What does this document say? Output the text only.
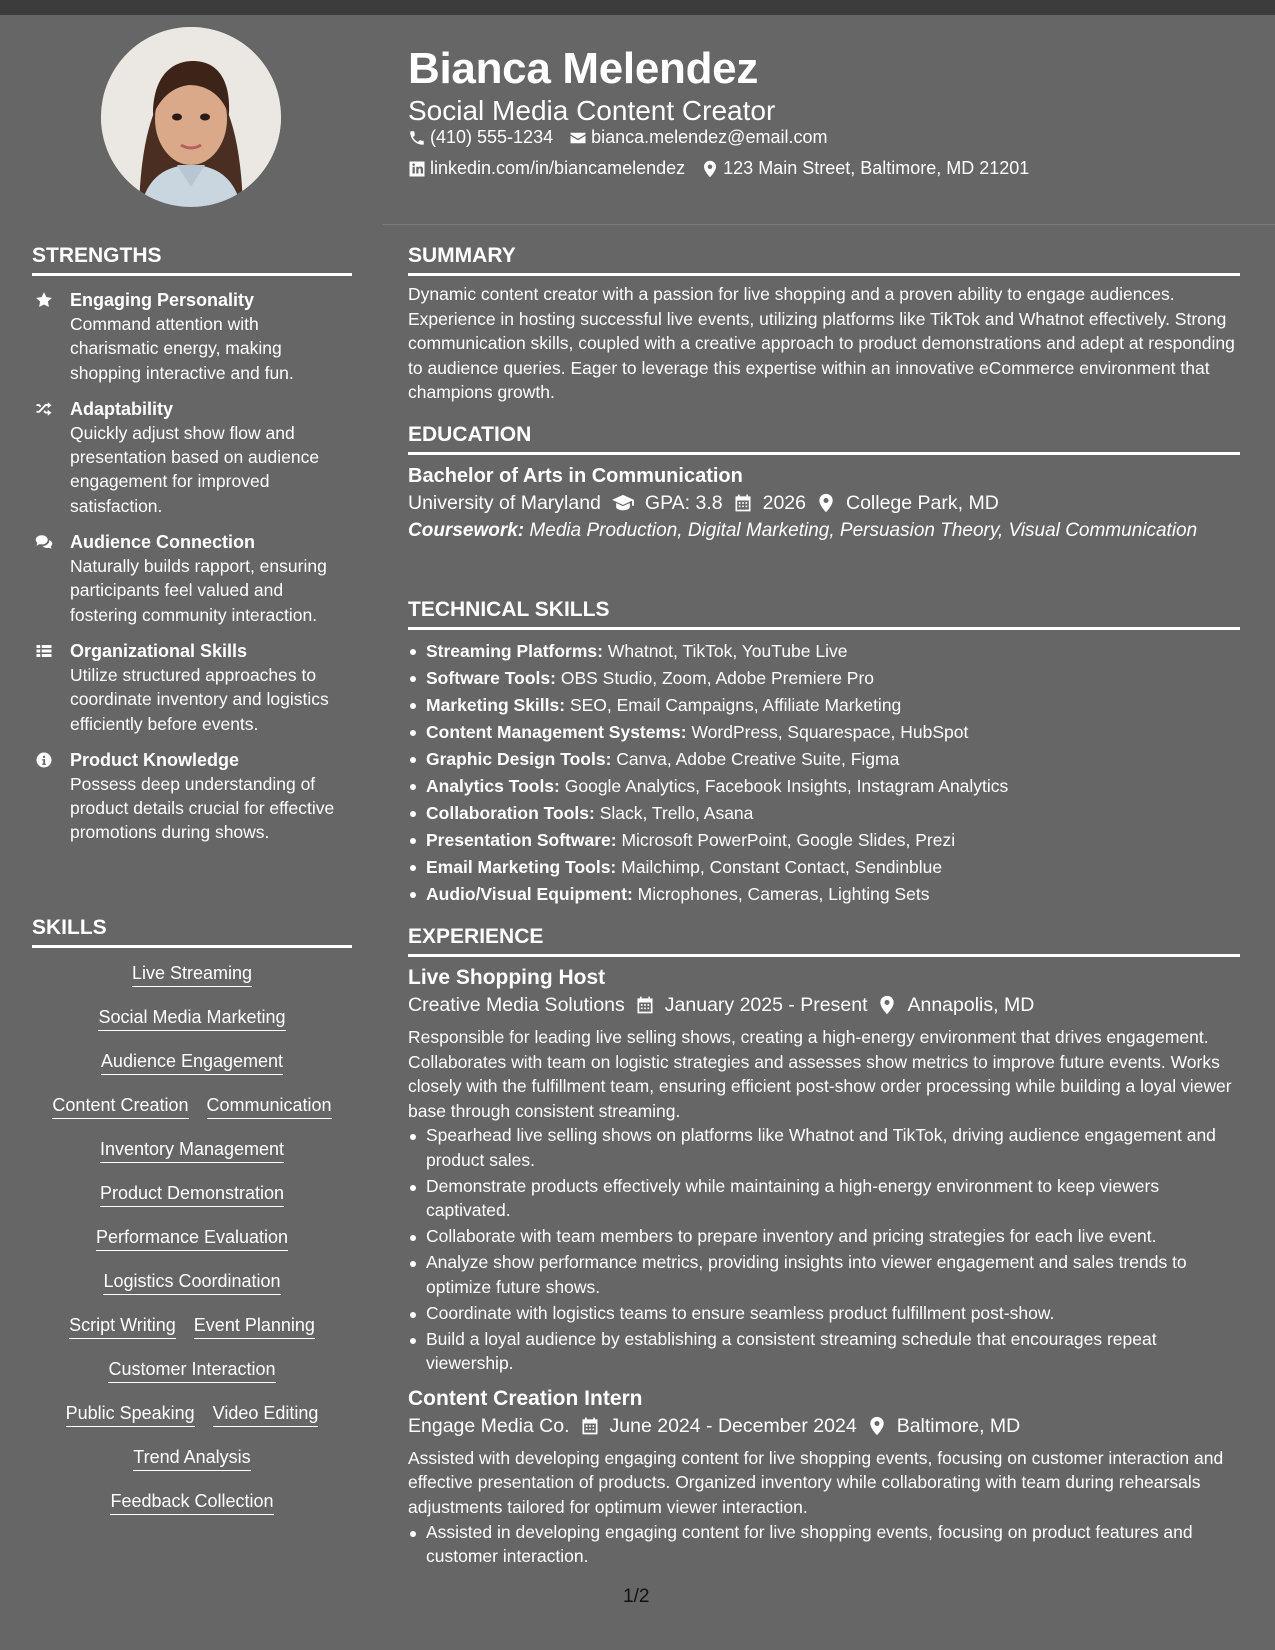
Bianca Melendez
Social Media Content Creator
(410) 555-1234 bianca.melendez@email.com
linkedin.com/in/biancamelendez 123 Main Street, Baltimore, MD 21201
STRENGTHS
Engaging Personality
Command attention with charismatic energy, making shopping interactive and fun.
Adaptability
Quickly adjust show flow and presentation based on audience engagement for improved satisfaction.
Audience Connection
Naturally builds rapport, ensuring participants feel valued and fostering community interaction.
Organizational Skills
Utilize structured approaches to coordinate inventory and logistics efficiently before events.
Product Knowledge
Possess deep understanding of product details crucial for effective promotions during shows.
SKILLS
Live Streaming
Social Media Marketing
Audience Engagement
Content Creation Communication
Inventory Management
Product Demonstration
Performance Evaluation
Logistics Coordination
Script Writing Event Planning
Customer Interaction
Public Speaking Video Editing
Trend Analysis
Feedback Collection
SUMMARY
Dynamic content creator with a passion for live shopping and a proven ability to engage audiences. Experience in hosting successful live events, utilizing platforms like TikTok and Whatnot effectively. Strong communication skills, coupled with a creative approach to product demonstrations and adept at responding to audience queries. Eager to leverage this expertise within an innovative eCommerce environment that champions growth.
EDUCATION
Bachelor of Arts in Communication
University of Maryland GPA: 3.8 2026 College Park, MD
Coursework: Media Production, Digital Marketing, Persuasion Theory, Visual Communication
TECHNICAL SKILLS
Streaming Platforms: Whatnot, TikTok, YouTube Live
Software Tools: OBS Studio, Zoom, Adobe Premiere Pro
Marketing Skills: SEO, Email Campaigns, Affiliate Marketing
Content Management Systems: WordPress, Squarespace, HubSpot
Graphic Design Tools: Canva, Adobe Creative Suite, Figma
Analytics Tools: Google Analytics, Facebook Insights, Instagram Analytics
Collaboration Tools: Slack, Trello, Asana
Presentation Software: Microsoft PowerPoint, Google Slides, Prezi
Email Marketing Tools: Mailchimp, Constant Contact, Sendinblue
Audio/Visual Equipment: Microphones, Cameras, Lighting Sets
EXPERIENCE
Live Shopping Host
Creative Media Solutions January 2025 - Present Annapolis, MD
Responsible for leading live selling shows, creating a high-energy environment that drives engagement. Collaborates with team on logistic strategies and assesses show metrics to improve future events. Works closely with the fulfillment team, ensuring efficient post-show order processing while building a loyal viewer base through consistent streaming.
Spearhead live selling shows on platforms like Whatnot and TikTok, driving audience engagement and product sales.
Demonstrate products effectively while maintaining a high-energy environment to keep viewers captivated.
Collaborate with team members to prepare inventory and pricing strategies for each live event.
Analyze show performance metrics, providing insights into viewer engagement and sales trends to optimize future shows.
Coordinate with logistics teams to ensure seamless product fulfillment post-show.
Build a loyal audience by establishing a consistent streaming schedule that encourages repeat viewership.
Content Creation Intern
Engage Media Co. June 2024 - December 2024 Baltimore, MD
Assisted with developing engaging content for live shopping events, focusing on customer interaction and effective presentation of products. Organized inventory while collaborating with team during rehearsals adjustments tailored for optimum viewer interaction.
Assisted in developing engaging content for live shopping events, focusing on product features and customer interaction.
1/2
